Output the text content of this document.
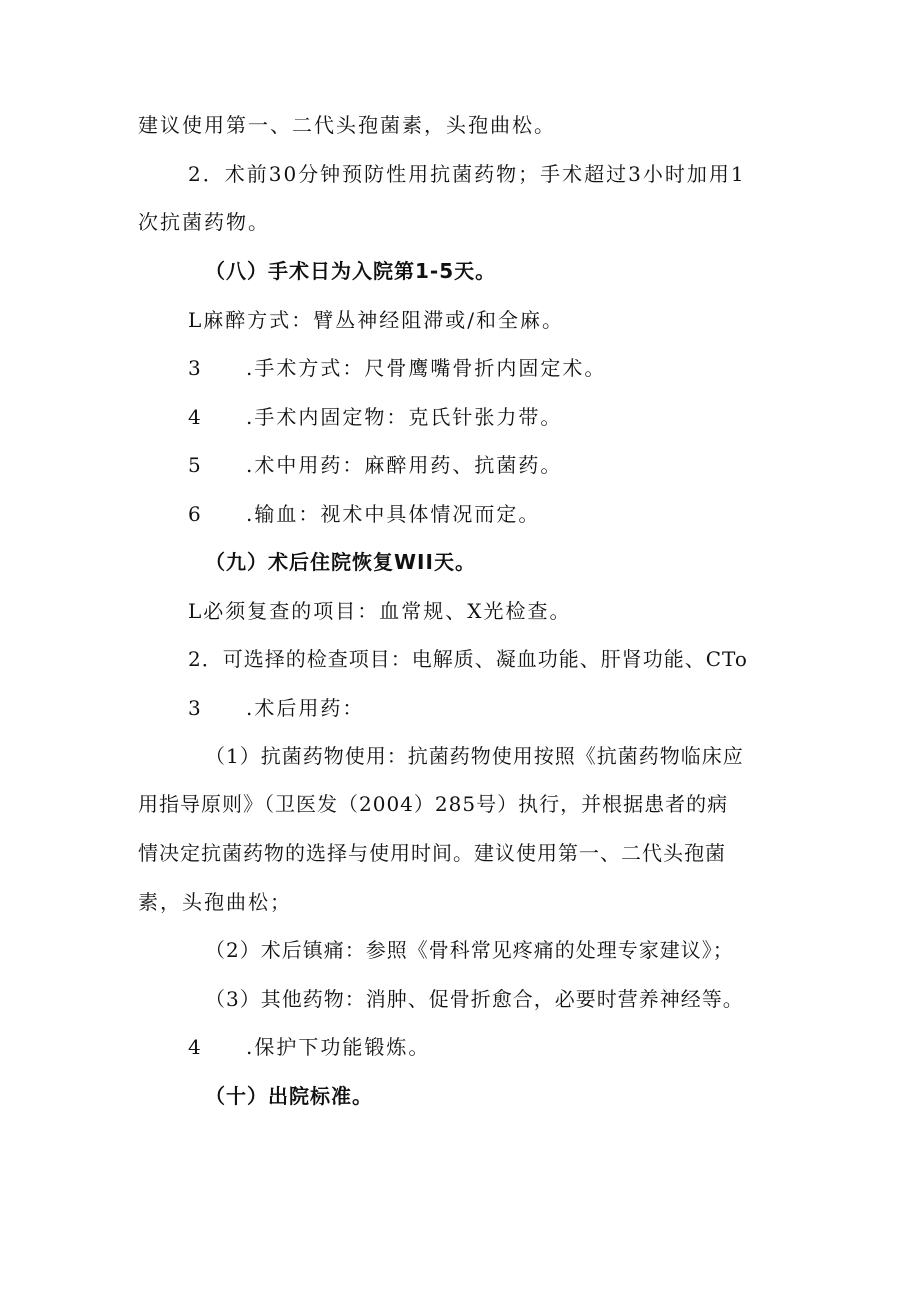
建议使用第一、二代头孢菌素，头孢曲松。
2．术前30分钟预防性用抗菌药物；手术超过3小时加用1
次抗菌药物。
（八）手术日为入院第1-5天。
L麻醉方式：臂丛神经阻滞或/和全麻。
3 .手术方式：尺骨鹰嘴骨折内固定术。
4 .手术内固定物：克氏针张力带。
5 .术中用药：麻醉用药、抗菌药。
6 .输血：视术中具体情况而定。
（九）术后住院恢复WII天。
L必须复查的项目：血常规、X光检查。
2．可选择的检查项目：电解质、凝血功能、肝肾功能、CTo
3 .术后用药：
（1）抗菌药物使用：抗菌药物使用按照《抗菌药物临床应
用指导原则》（卫医发（2004）285号）执行，并根据患者的病
情决定抗菌药物的选择与使用时间。建议使用第一、二代头孢菌
素，头孢曲松；
（2）术后镇痛：参照《骨科常见疼痛的处理专家建议》；
（3）其他药物：消肿、促骨折愈合，必要时营养神经等。
4 .保护下功能锻炼。
（十）出院标准。
